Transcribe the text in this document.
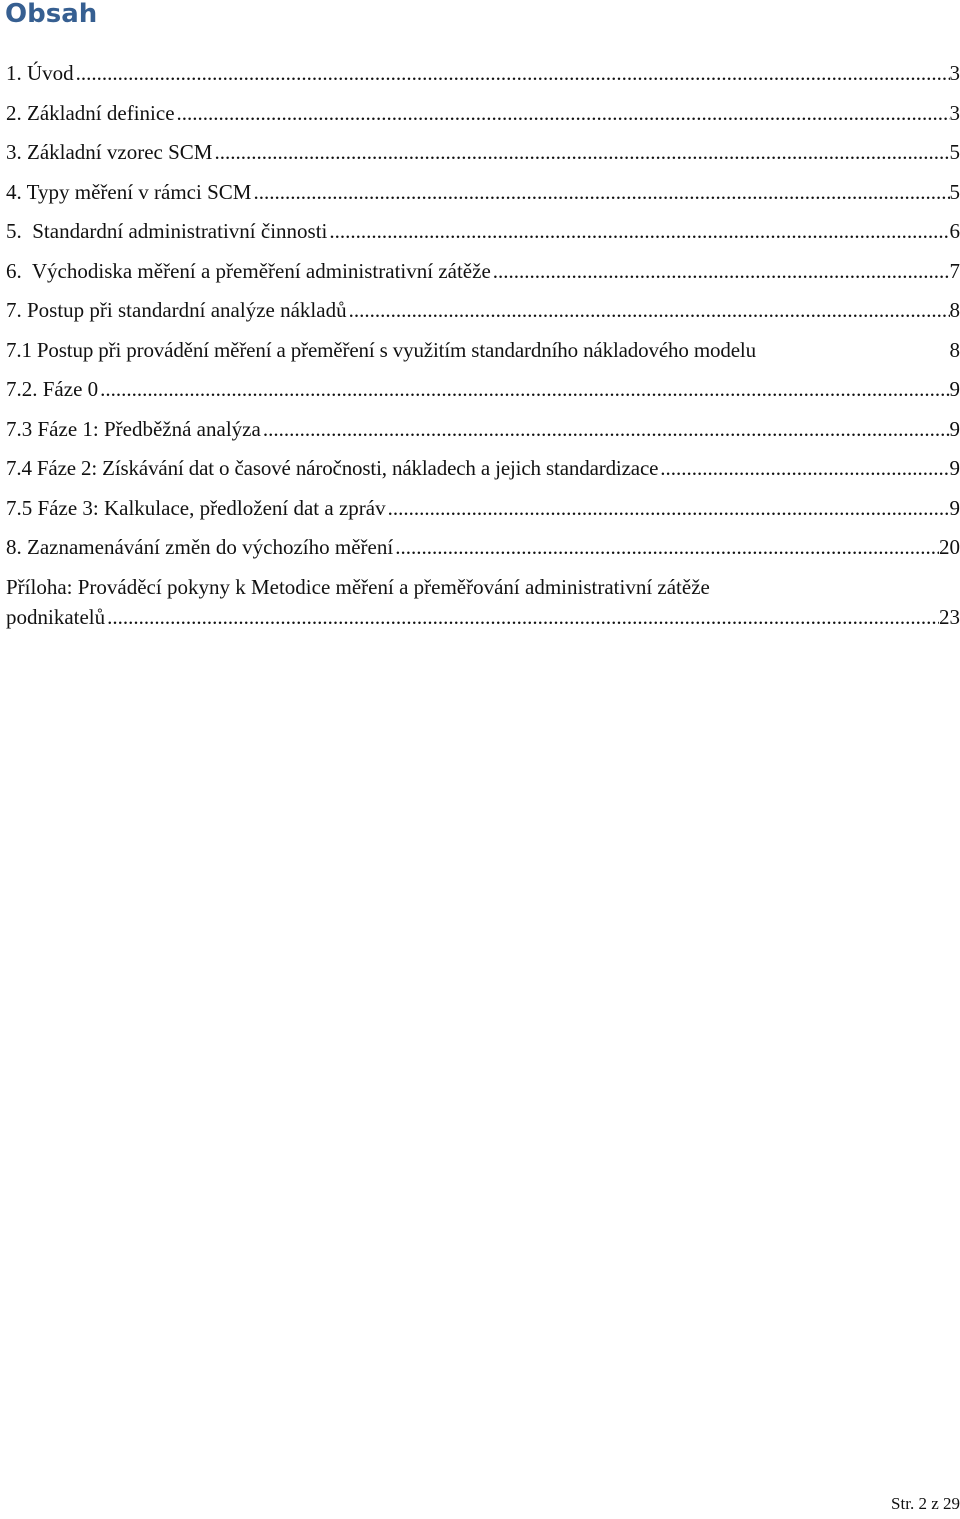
Obsah
1. Úvod .....	3
2. Základní definice .....	3
3. Základní vzorec SCM .....	5
4. Typy měření v rámci SCM .....	5
5.  Standardní administrativní činnosti .....	6
6.  Východiska měření a přeměření administrativní zátěže .....	7
7. Postup při standardní analýze nákladů .....	8
7.1 Postup při provádění měření a přeměření s využitím standardního nákladového modelu	8
7.2. Fáze 0 .....	9
7.3 Fáze 1: Předběžná analýza .....	9
7.4 Fáze 2: Získávání dat o časové náročnosti, nákladech a jejich standardizace .....	9
7.5 Fáze 3: Kalkulace, předložení dat a zpráv .....	9
8. Zaznamenávání změn do výchozího měření .....	20
Příloha: Prováděcí pokyny k Metodice měření a přeměřování administrativní zátěže
podnikatelů .....	23
Str. 2 z 29
